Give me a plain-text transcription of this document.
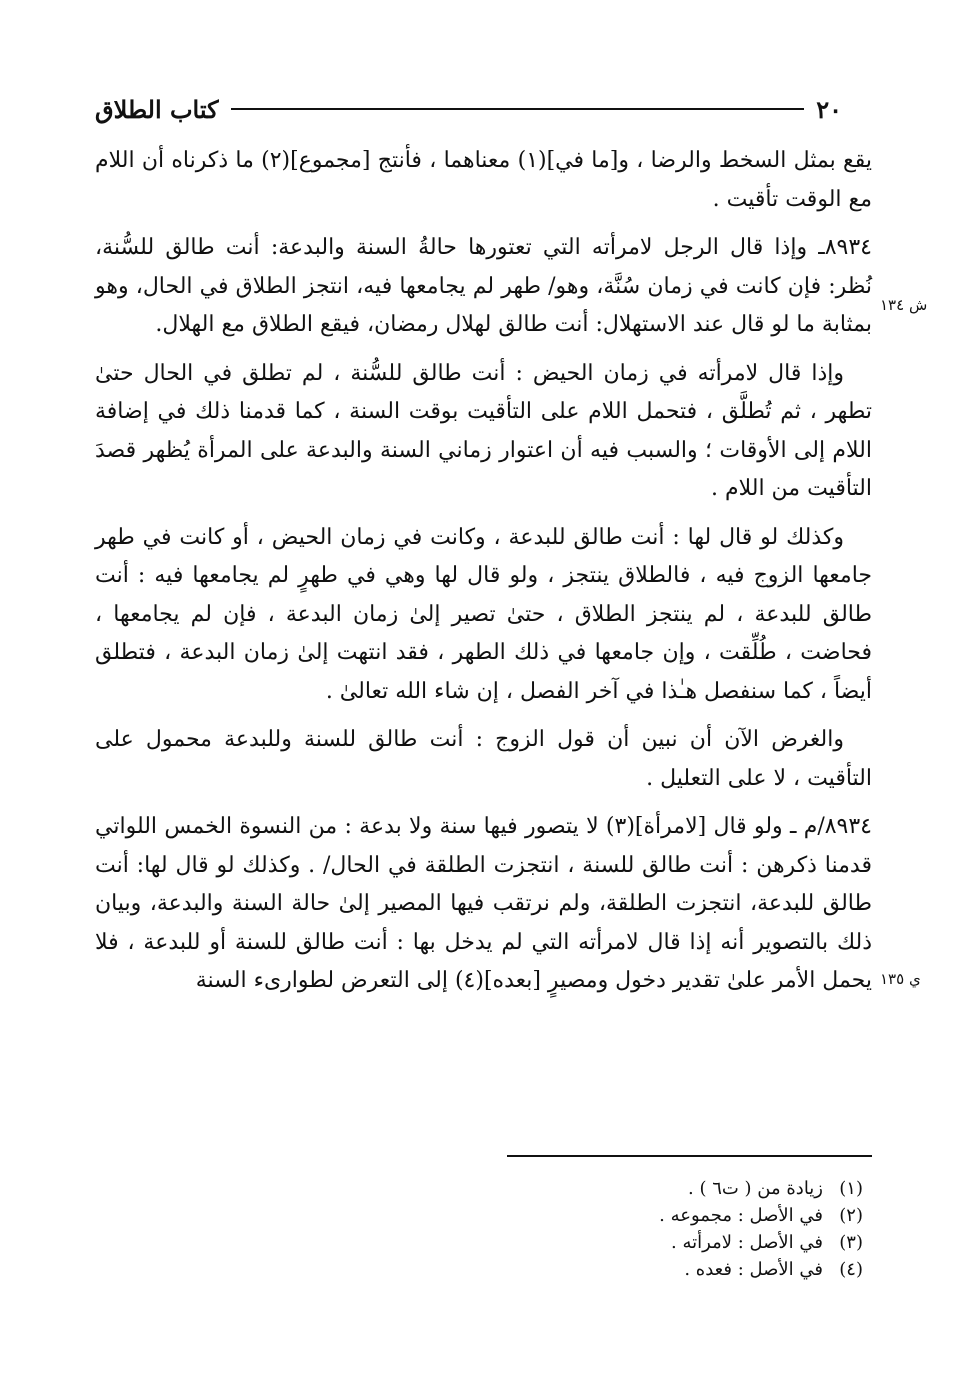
٢٠
كتاب الطلاق

يقع بمثل السخط والرضا ، و[ما في](١) معناهما ، فأنتج [مجموع](٢) ما ذكرناه أن اللام مع الوقت تأقيت .

٨٩٣٤ـ وإذا قال الرجل لامرأته التي تعتورها حالةُ السنة والبدعة: أنت طالق للسُّنة، نُظر: فإن كانت في زمان سُنَّة، وهو/ طهر لم يجامعها فيه، انتجز الطلاق في الحال، وهو بمثابة ما لو قال عند الاستهلال: أنت طالق لهلال رمضان، فيقع الطلاق مع الهلال.

وإذا قال لامرأته في زمان الحيض : أنت طالق للسُّنة ، لم تطلق في الحال حتىٰ تطهر ، ثم تُطلَّق ، فتحمل اللام على التأقيت بوقت السنة ، كما قدمنا ذلك في إضافة اللام إلى الأوقات ؛ والسبب فيه أن اعتوار زماني السنة والبدعة على المرأة يُظهر قصدَ التأقيت من اللام .

وكذلك لو قال لها : أنت طالق للبدعة ، وكانت في زمان الحيض ، أو كانت في طهر جامعها الزوج فيه ، فالطلاق ينتجز ، ولو قال لها وهي في طهرٍ لم يجامعها فيه : أنت طالق للبدعة ، لم ينتجز الطلاق ، حتىٰ تصير إلىٰ زمان البدعة ، فإن لم يجامعها ، فحاضت ، طُلِّقت ، وإن جامعها في ذلك الطهر ، فقد انتهت إلىٰ زمان البدعة ، فتطلق أيضاً ، كما سنفصل هـٰذا في آخر الفصل ، إن شاء الله تعالىٰ .

والغرض الآن أن نبين أن قول الزوج : أنت طالق للسنة وللبدعة محمول على التأقيت ، لا على التعليل .

٨٩٣٤/م ـ ولو قال [لامرأة](٣) لا يتصور فيها سنة ولا بدعة : من النسوة الخمس اللواتي قدمنا ذكرهن : أنت طالق للسنة ، انتجزت الطلقة في الحال/ . وكذلك لو قال لها: أنت طالق للبدعة، انتجزت الطلقة، ولم نرتقب فيها المصير إلىٰ حالة السنة والبدعة، وبيان ذلك بالتصوير أنه إذا قال لامرأته التي لم يدخل بها : أنت طالق للسنة أو للبدعة ، فلا يحمل الأمر علىٰ تقدير دخول ومصيرٍ [بعده](٤) إلى التعرض لطوارىء السنة

ش ١٣٤
ي ١٣٥
(١)
زيادة من ( ت٦ ) .
(٢)
في الأصل : مجموعه .
(٣)
في الأصل : لامرأته .
(٤)
في الأصل : فعده .
